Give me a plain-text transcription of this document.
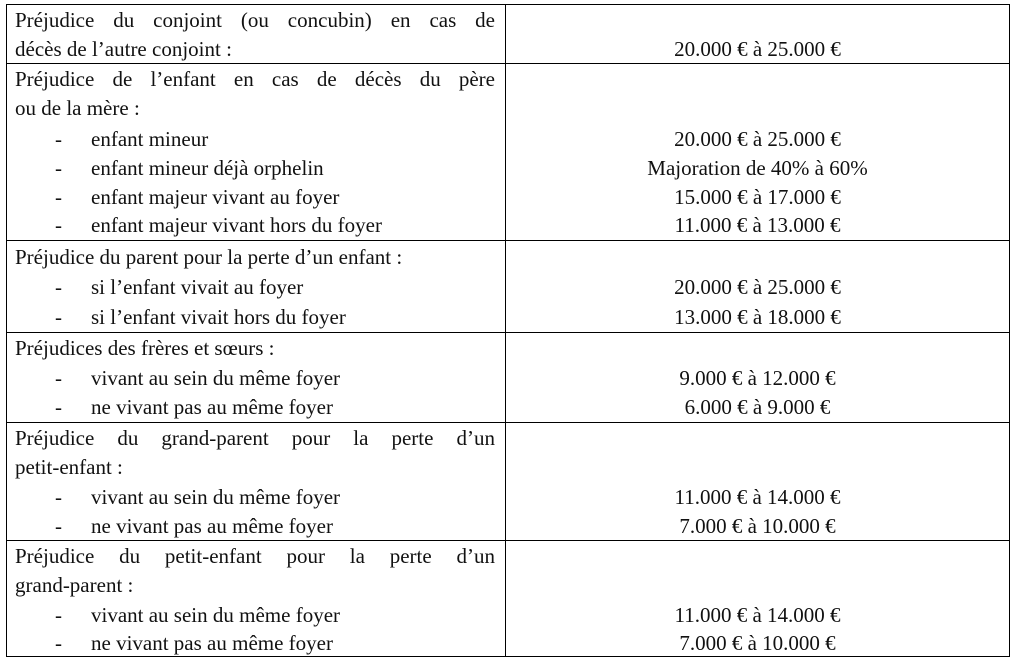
Préjudice du conjoint (ou concubin) en cas de
décès de l’autre conjoint :	20.000 € à 25.000 €
Préjudice de l’enfant en cas de décès du père
ou de la mère :
- enfant mineur	20.000 € à 25.000 €
- enfant mineur déjà orphelin	Majoration de 40% à 60%
- enfant majeur vivant au foyer	15.000 € à 17.000 €
- enfant majeur vivant hors du foyer	11.000 € à 13.000 €
Préjudice du parent pour la perte d’un enfant :
- si l’enfant vivait au foyer	20.000 € à 25.000 €
- si l’enfant vivait hors du foyer	13.000 € à 18.000 €
Préjudices des frères et sœurs :
- vivant au sein du même foyer	9.000 € à 12.000 €
- ne vivant pas au même foyer	6.000 € à 9.000 €
Préjudice du grand-parent pour la perte d’un
petit-enfant :
- vivant au sein du même foyer	11.000 € à 14.000 €
- ne vivant pas au même foyer	7.000 € à 10.000 €
Préjudice du petit-enfant pour la perte d’un
grand-parent :
- vivant au sein du même foyer	11.000 € à 14.000 €
- ne vivant pas au même foyer	7.000 € à 10.000 €
